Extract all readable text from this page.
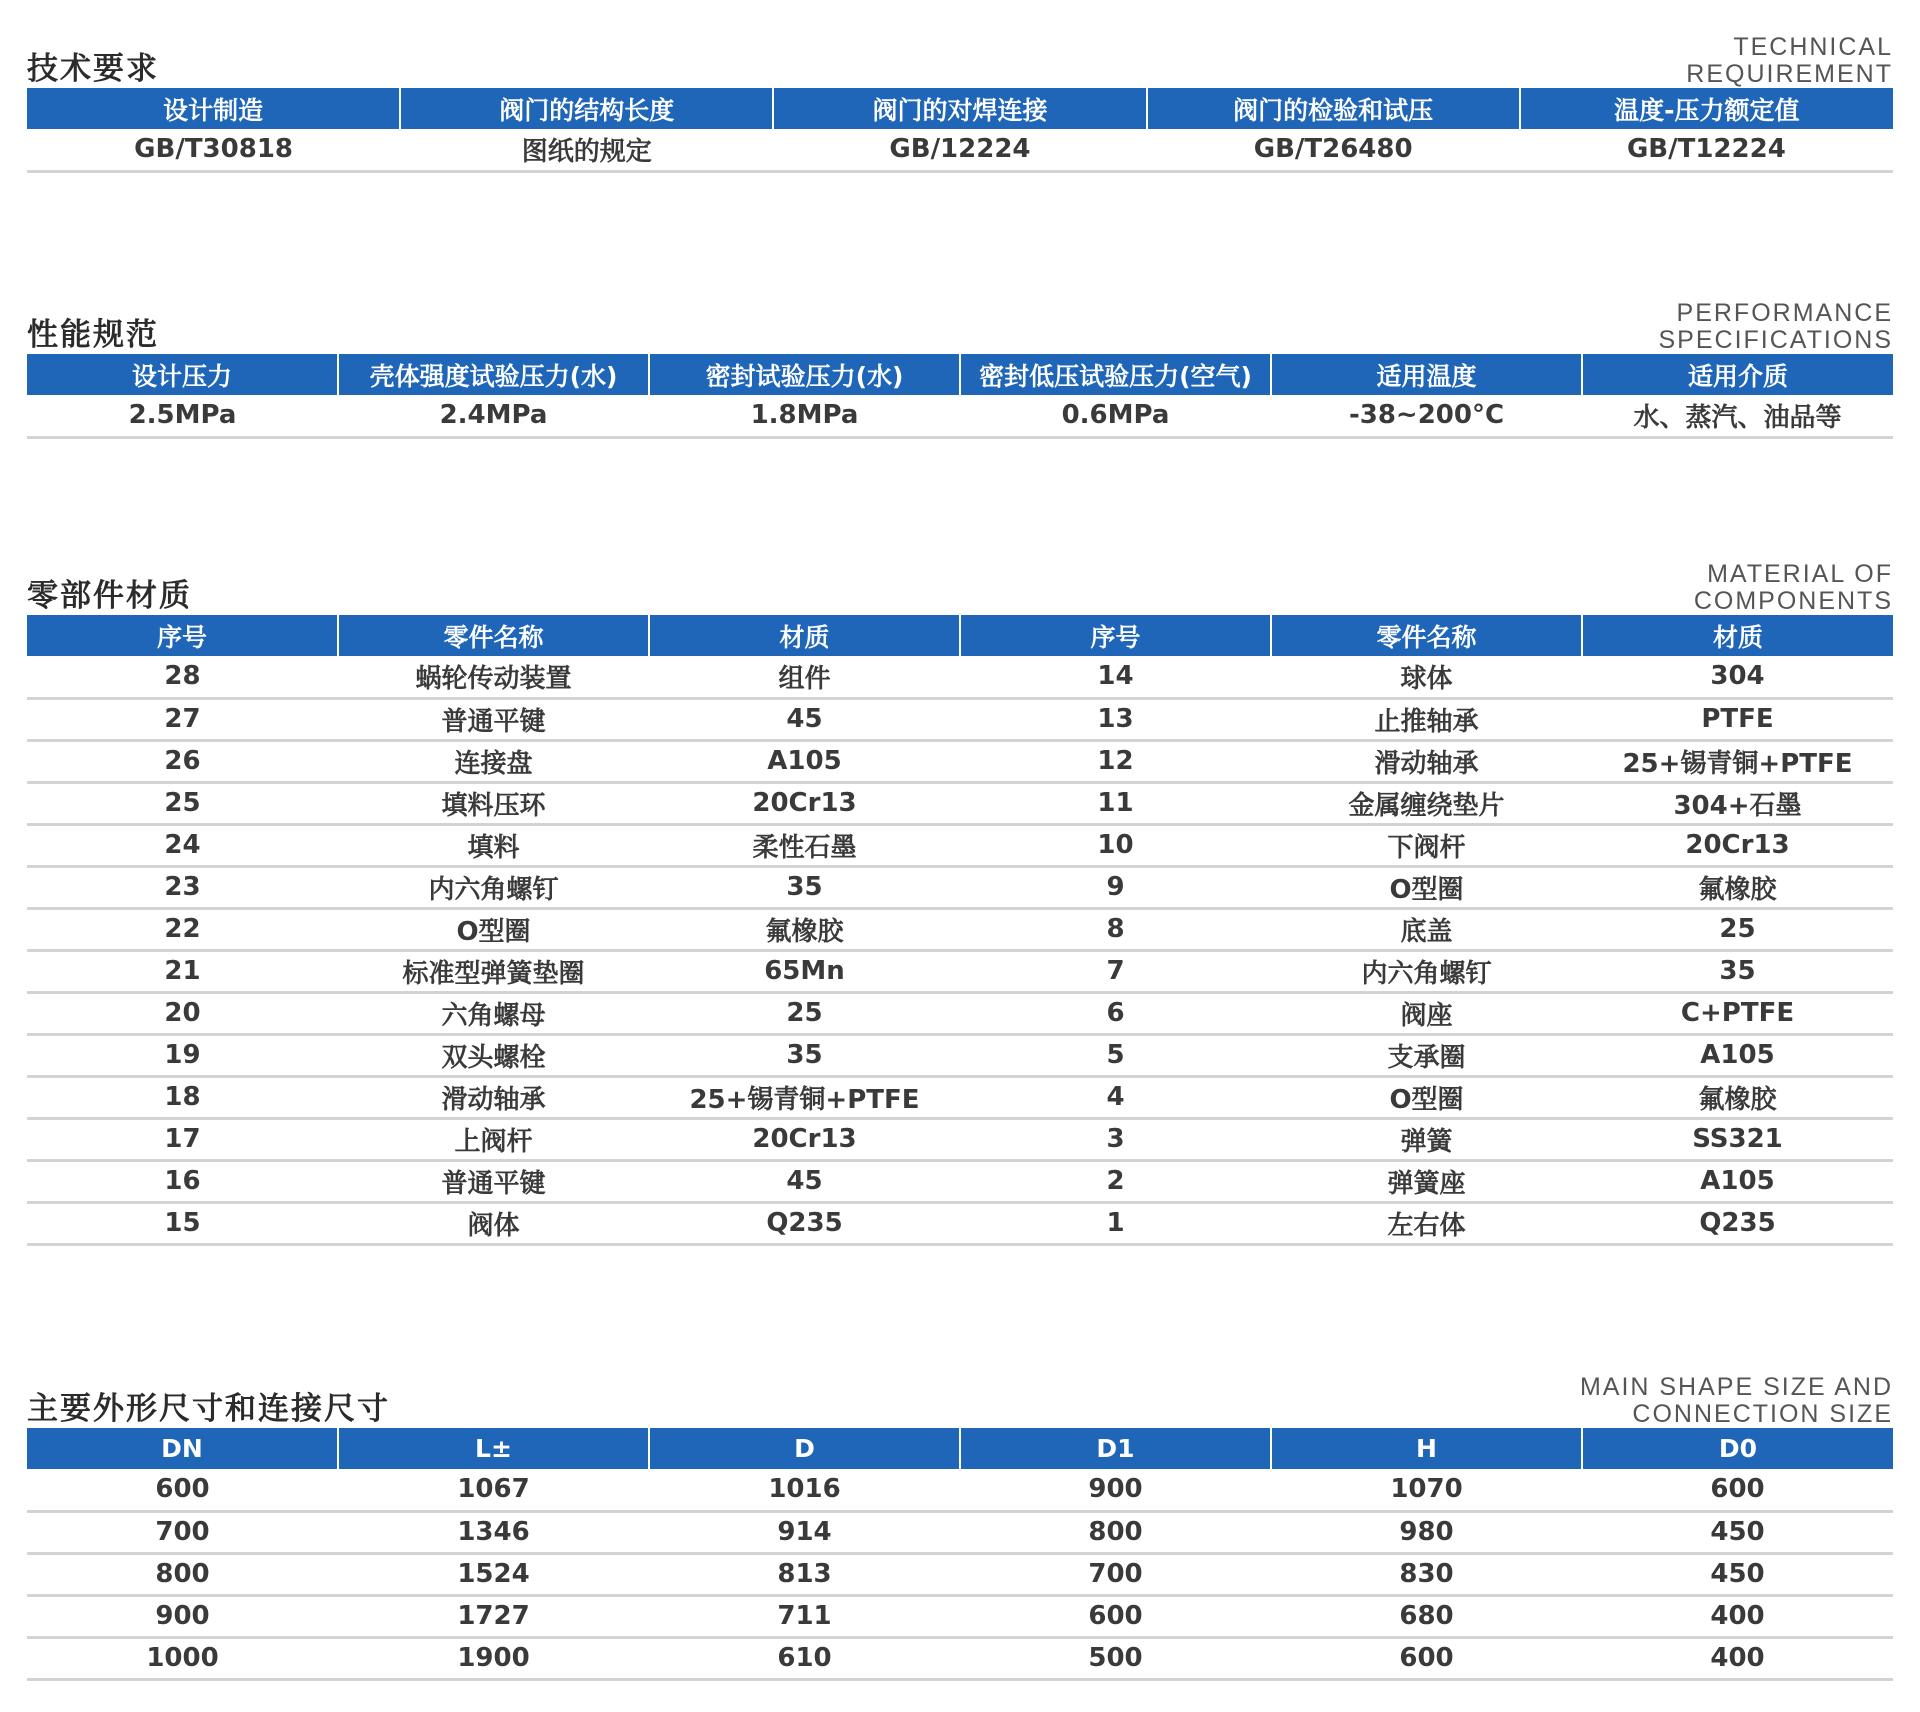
技术要求
TECHNICAL
REQUIREMENT
设计制造	阀门的结构长度	阀门的对焊连接	阀门的检验和试压	温度-压力额定值
GB/T30818	图纸的规定	GB/12224	GB/T26480	GB/T12224
性能规范
PERFORMANCE
SPECIFICATIONS
设计压力	壳体强度试验压力(水)	密封试验压力(水)	密封低压试验压力(空气)	适用温度	适用介质
2.5MPa	2.4MPa	1.8MPa	0.6MPa	-38~200°C	水、蒸汽、油品等
零部件材质
MATERIAL OF
COMPONENTS
序号	零件名称	材质	序号	零件名称	材质
28	蜗轮传动装置	组件	14	球体	304
27	普通平键	45	13	止推轴承	PTFE
26	连接盘	A105	12	滑动轴承	25+锡青铜+PTFE
25	填料压环	20Cr13	11	金属缠绕垫片	304+石墨
24	填料	柔性石墨	10	下阀杆	20Cr13
23	内六角螺钉	35	9	O型圈	氟橡胶
22	O型圈	氟橡胶	8	底盖	25
21	标准型弹簧垫圈	65Mn	7	内六角螺钉	35
20	六角螺母	25	6	阀座	C+PTFE
19	双头螺栓	35	5	支承圈	A105
18	滑动轴承	25+锡青铜+PTFE	4	O型圈	氟橡胶
17	上阀杆	20Cr13	3	弹簧	SS321
16	普通平键	45	2	弹簧座	A105
15	阀体	Q235	1	左右体	Q235
主要外形尺寸和连接尺寸
MAIN SHAPE SIZE AND
CONNECTION SIZE
DN	L±	D	D1	H	D0
600	1067	1016	900	1070	600
700	1346	914	800	980	450
800	1524	813	700	830	450
900	1727	711	600	680	400
1000	1900	610	500	600	400
